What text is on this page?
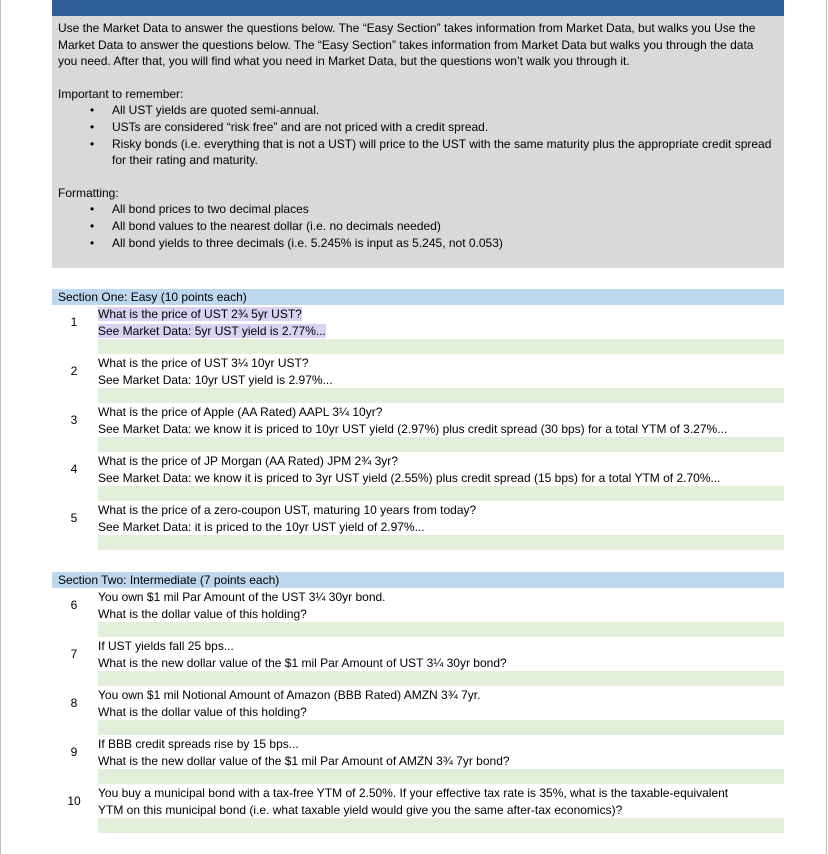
Use the Market Data to answer the questions below. The “Easy Section” takes information from Market Data, but walks you Use the Market Data to answer the questions below. The “Easy Section” takes information from Market Data but walks you through the data you need. After that, you will find what you need in Market Data, but the questions won’t walk you through it.

Important to remember:

• All UST yields are quoted semi-annual.
• USTs are considered “risk free” and are not priced with a credit spread.
• Risky bonds (i.e. everything that is not a UST) will price to the UST with the same maturity plus the appropriate credit spread for their rating and maturity.

Formatting:

• All bond prices to two decimal places
• All bond values to the nearest dollar (i.e. no decimals needed)
• All bond yields to three decimals (i.e. 5.245% is input as 5.245, not 0.053)
Section One: Easy (10 points each)
1
What is the price of UST 2¾ 5yr UST?
See Market Data: 5yr UST yield is 2.77%...
2
What is the price of UST 3¼ 10yr UST?
See Market Data: 10yr UST yield is 2.97%...
3
What is the price of Apple (AA Rated) AAPL 3¼ 10yr?
See Market Data: we know it is priced to 10yr UST yield (2.97%) plus credit spread (30 bps) for a total YTM of 3.27%...
4
What is the price of JP Morgan (AA Rated) JPM 2¾ 3yr?
See Market Data: we know it is priced to 3yr UST yield (2.55%) plus credit spread (15 bps) for a total YTM of 2.70%...
5
What is the price of a zero-coupon UST, maturing 10 years from today?
See Market Data: it is priced to the 10yr UST yield of 2.97%...
Section Two: Intermediate (7 points each)
6
You own $1 mil Par Amount of the UST 3¼ 30yr bond.
What is the dollar value of this holding?
7
If UST yields fall 25 bps...
What is the new dollar value of the $1 mil Par Amount of UST 3¼ 30yr bond?
8
You own $1 mil Notional Amount of Amazon (BBB Rated) AMZN 3¾ 7yr.
What is the dollar value of this holding?
9
If BBB credit spreads rise by 15 bps...
What is the new dollar value of the $1 mil Par Amount of AMZN 3¾ 7yr bond?
10
You buy a municipal bond with a tax-free YTM of 2.50%. If your effective tax rate is 35%, what is the taxable-equivalent
YTM on this municipal bond (i.e. what taxable yield would give you the same after-tax economics)?
